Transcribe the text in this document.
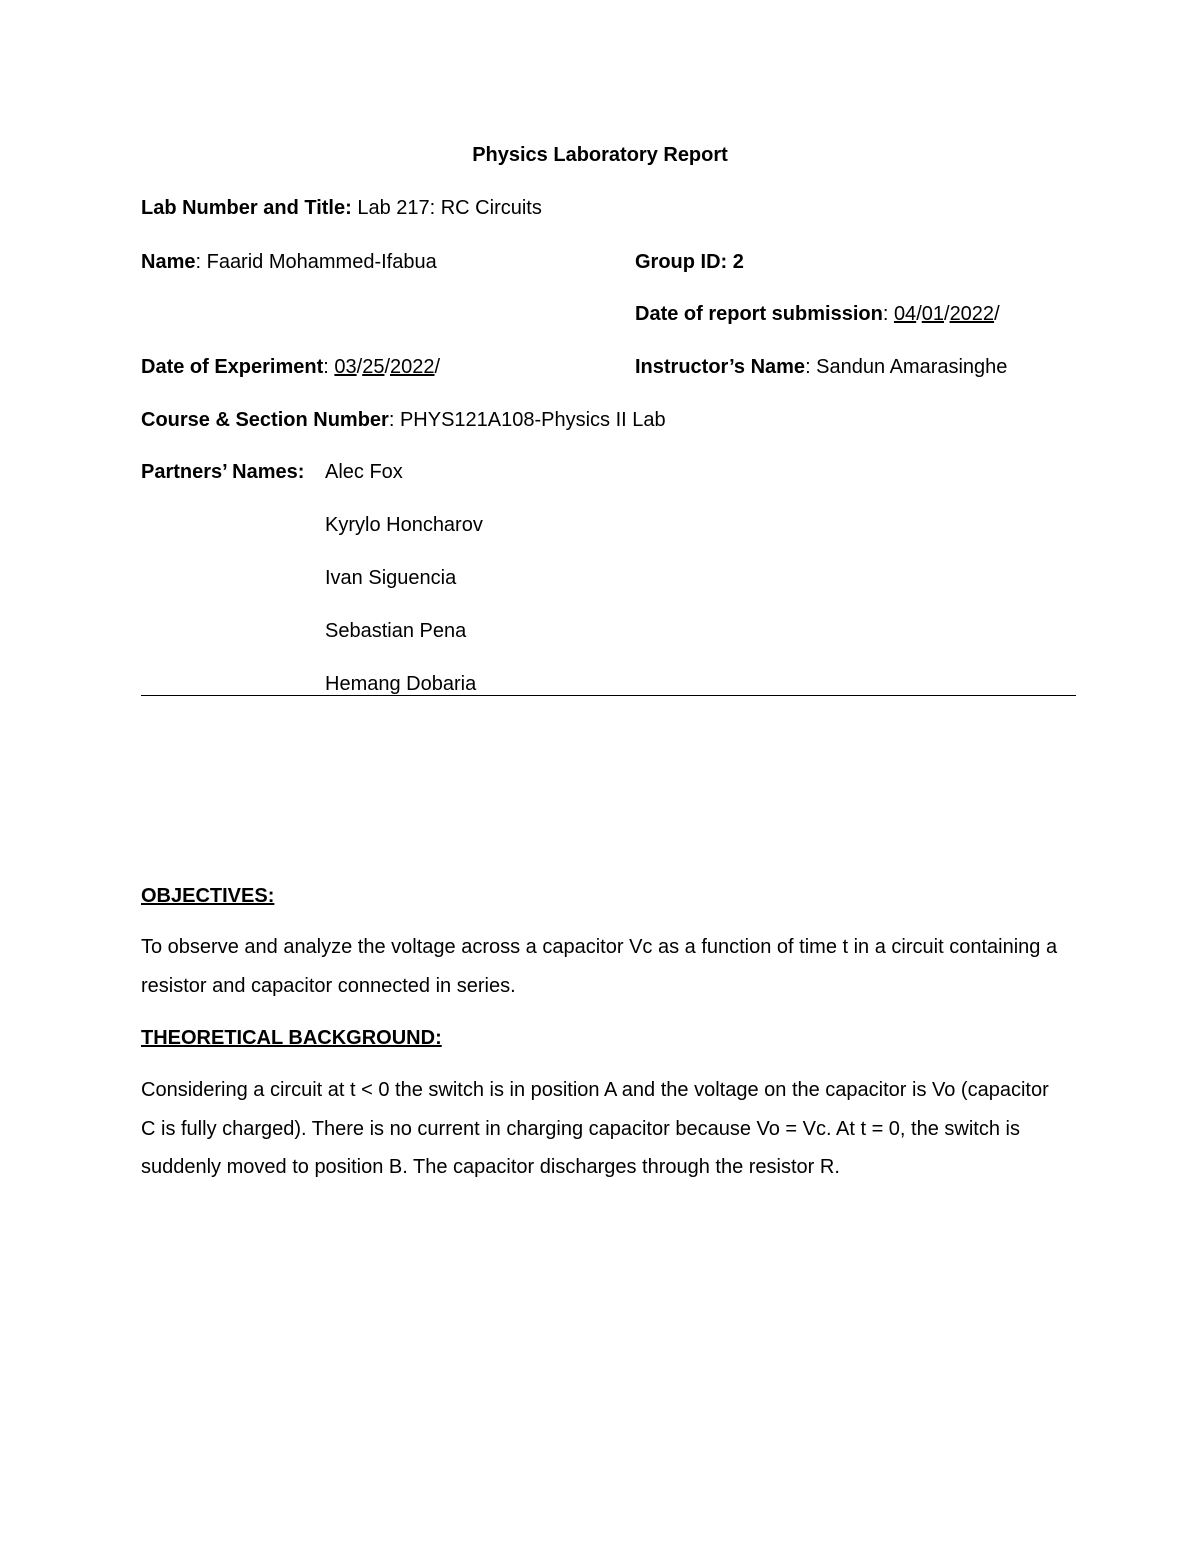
Physics Laboratory Report
Lab Number and Title: Lab 217: RC Circuits
Name: Faarid Mohammed-Ifabua	Group ID: 2
Date of report submission: 04/01/2022/
Date of Experiment: 03/25/2022/	Instructor’s Name: Sandun Amarasinghe
Course & Section Number: PHYS121A108-Physics II Lab
Partners’ Names: Alec Fox
Kyrylo Honcharov
Ivan Siguencia
Sebastian Pena
Hemang Dobaria
OBJECTIVES:
To observe and analyze the voltage across a capacitor Vc as a function of time t in a circuit containing a resistor and capacitor connected in series.
THEORETICAL BACKGROUND:
Considering a circuit at t < 0 the switch is in position A and the voltage on the capacitor is Vo (capacitor C is fully charged). There is no current in charging capacitor because Vo = Vc. At t = 0, the switch is suddenly moved to position B. The capacitor discharges through the resistor R.
